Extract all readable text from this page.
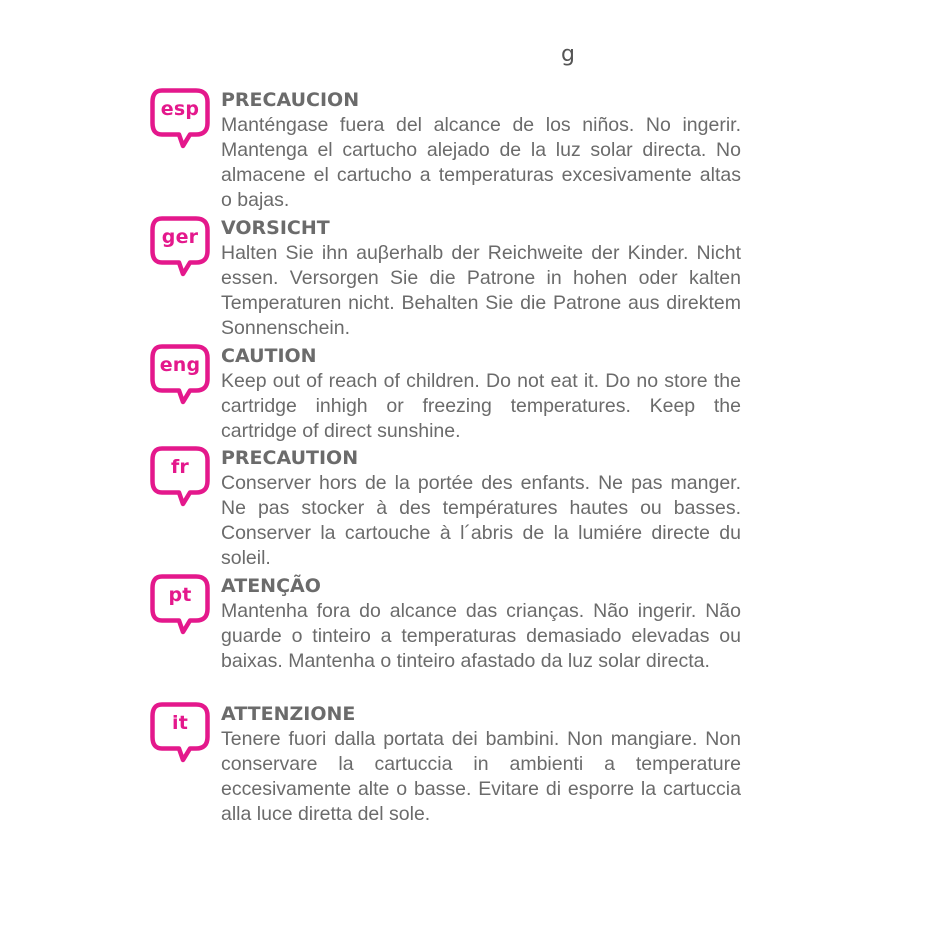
g
esp	PRECAUCION
Manténgase fuera del alcance de los niños. No ingerir. Mantenga el cartucho alejado de la luz solar directa. No almacene el cartucho a temperaturas excesivamente altas o bajas.
ger	VORSICHT
Halten Sie ihn auβerhalb der Reichweite der Kinder. Nicht essen. Versorgen Sie die Patrone in hohen oder kalten Temperaturen nicht. Behalten Sie die Patrone aus direktem Sonnenschein.
eng	CAUTION
Keep out of reach of children. Do not eat it. Do no store the cartridge inhigh or freezing temperatures. Keep the cartridge of direct sunshine.
fr	PRECAUTION
Conserver hors de la portée des enfants. Ne pas manger. Ne pas stocker à des températures hautes ou basses. Conserver la cartouche à l´abris de la lumiére directe du soleil.
pt	ATENÇÃO
Mantenha fora do alcance das crianças. Não ingerir. Não guarde o tinteiro a temperaturas demasiado elevadas ou baixas. Mantenha o tinteiro afastado da luz solar directa.
it	ATTENZIONE
Tenere fuori dalla portata dei bambini. Non mangiare. Non conservare la cartuccia in ambienti a temperature eccesivamente alte o basse. Evitare di esporre la cartuccia alla luce diretta del sole.
